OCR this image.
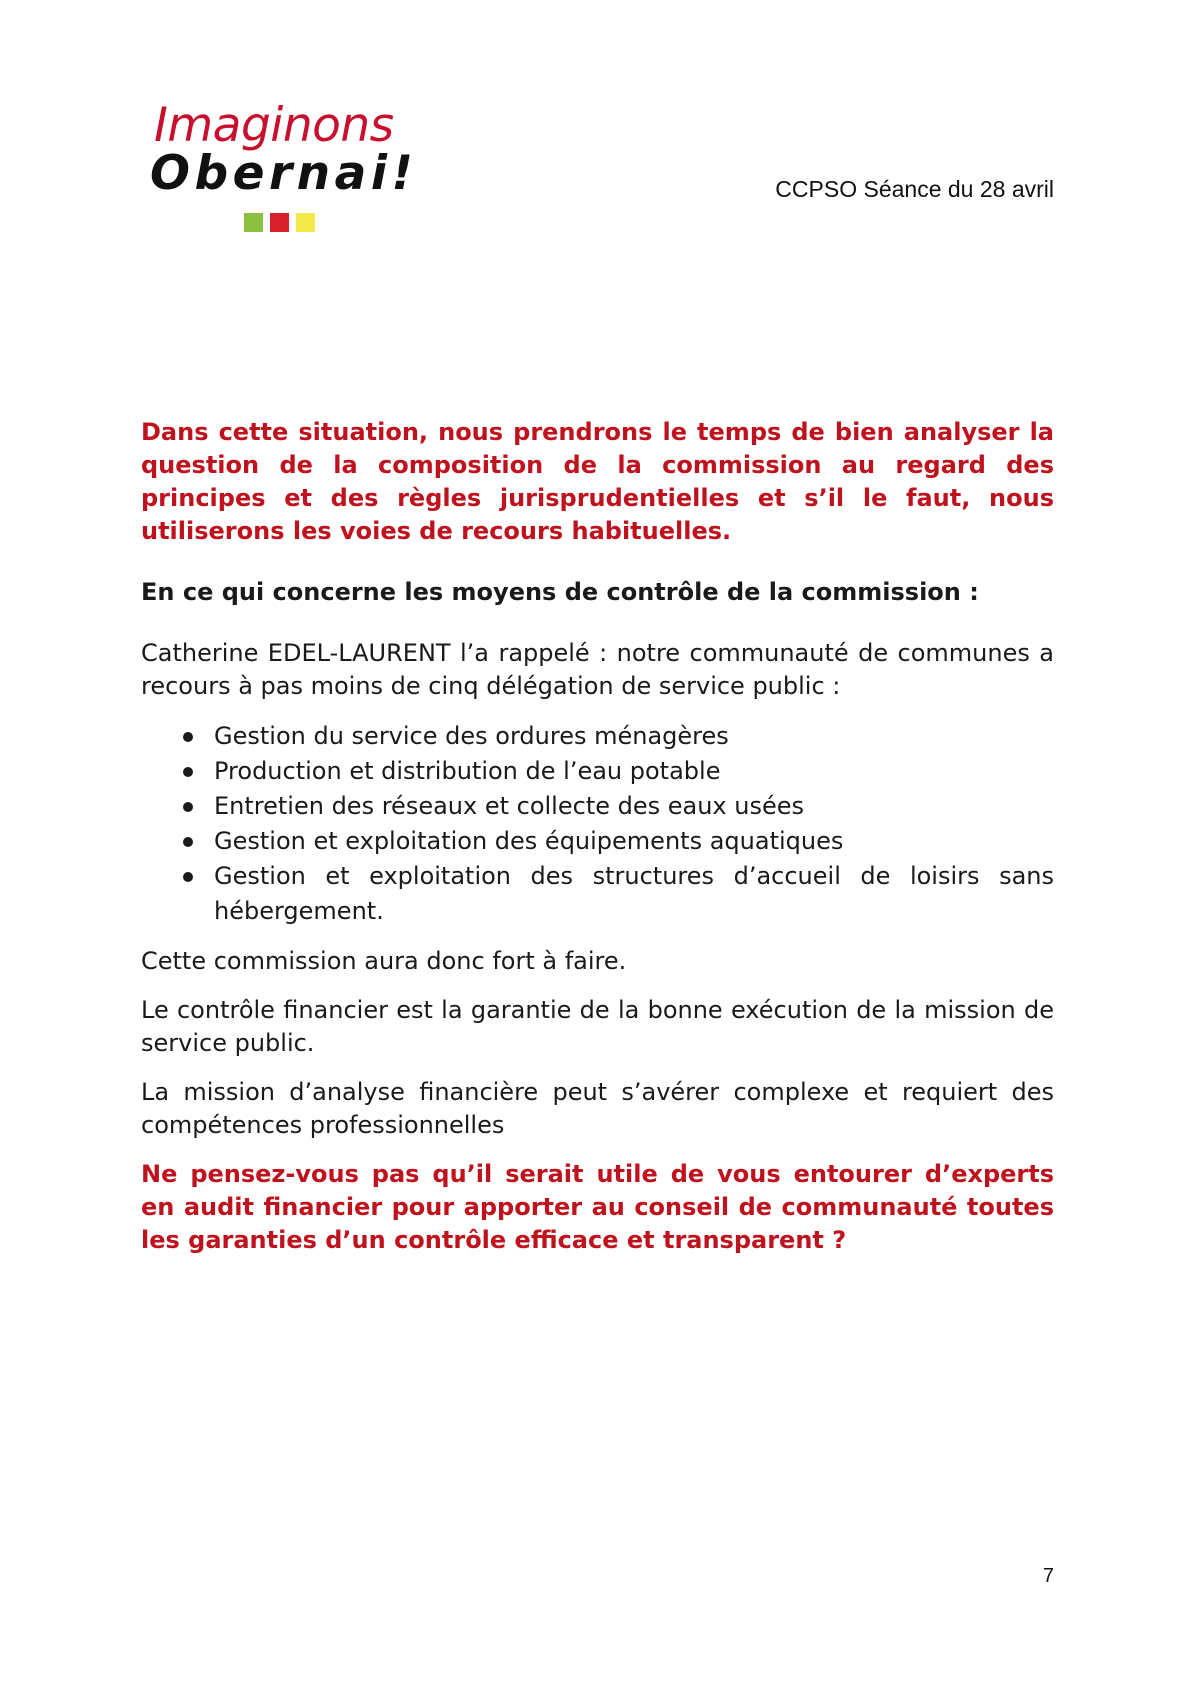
Imaginons
Obernai!	CCPSO Séance du 28 avril

Dans cette situation, nous prendrons le temps de bien analyser la question de la composition de la commission au regard des principes et des règles jurisprudentielles et s’il le faut, nous utiliserons les voies de recours habituelles.

En ce qui concerne les moyens de contrôle de la commission :

Catherine EDEL-LAURENT l’a rappelé : notre communauté de communes a recours à pas moins de cinq délégation de service public :

Gestion du service des ordures ménagères
Production et distribution de l’eau potable
Entretien des réseaux et collecte des eaux usées
Gestion et exploitation des équipements aquatiques
Gestion et exploitation des structures d’accueil de loisirs sans hébergement.

Cette commission aura donc fort à faire.

Le contrôle financier est la garantie de la bonne exécution de la mission de service public.

La mission d’analyse financière peut s’avérer complexe et requiert des compétences professionnelles

Ne pensez-vous pas qu’il serait utile de vous entourer d’experts en audit financier pour apporter au conseil de communauté toutes les garanties d’un contrôle efficace et transparent ?

7
